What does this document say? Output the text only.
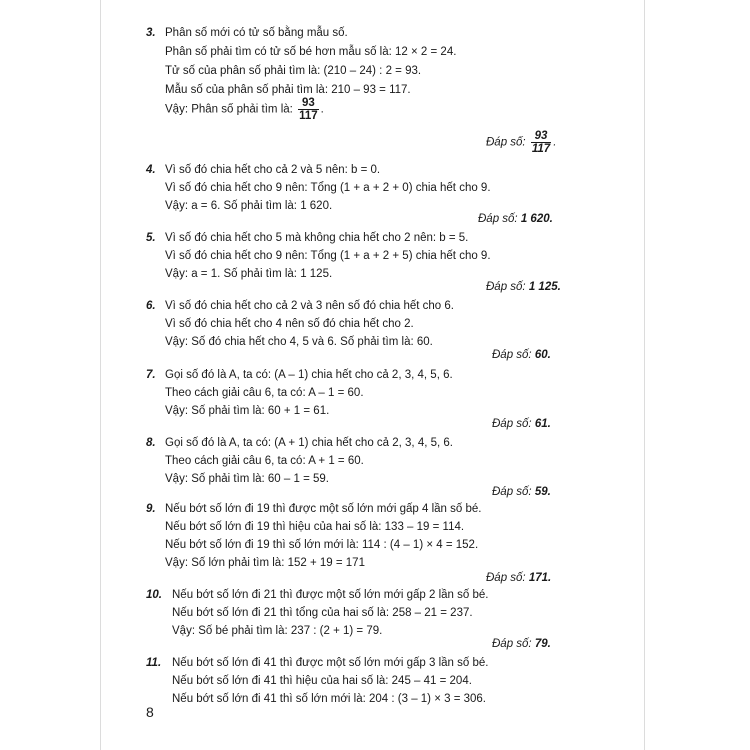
3. Phân số mới có tử số bằng mẫu số.
Phân số phải tìm có tử số bé hơn mẫu số là: 12 × 2 = 24.
Tử số của phân số phải tìm là: (210 – 24) : 2 = 93.
Mẫu số của phân số phải tìm là: 210 – 93 = 117.
Vậy: Phân số phải tìm là: $\frac{93}{117}$ .
Đáp số: $\frac{93}{117}$ .
4. Vì số đó chia hết cho cả 2 và 5 nên: b = 0.
Vì số đó chia hết cho 9 nên: Tổng (1 + a + 2 + 0) chia hết cho 9.
Vậy: a = 6. Số phải tìm là: 1 620.
Đáp số: 1 620.
5. Vì số đó chia hết cho 5 mà không chia hết cho 2 nên: b = 5.
Vì số đó chia hết cho 9 nên: Tổng (1 + a + 2 + 5) chia hết cho 9.
Vậy: a = 1. Số phải tìm là: 1 125.
Đáp số: 1 125.
6. Vì số đó chia hết cho cả 2 và 3 nên số đó chia hết cho 6.
Vì số đó chia hết cho 4 nên số đó chia hết cho 2.
Vậy: Số đó chia hết cho 4, 5 và 6. Số phải tìm là: 60.
Đáp số: 60.
7. Gọi số đó là A, ta có: (A – 1) chia hết cho cả 2, 3, 4, 5, 6.
Theo cách giải câu 6, ta có: A – 1 = 60.
Vậy: Số phải tìm là: 60 + 1 = 61.
Đáp số: 61.
8. Gọi số đó là A, ta có: (A + 1) chia hết cho cả 2, 3, 4, 5, 6.
Theo cách giải câu 6, ta có: A + 1 = 60.
Vậy: Số phải tìm là: 60 – 1 = 59.
Đáp số: 59.
9. Nếu bớt số lớn đi 19 thì được một số lớn mới gấp 4 lần số bé.
Nếu bớt số lớn đi 19 thì hiệu của hai số là: 133 – 19 = 114.
Nếu bớt số lớn đi 19 thì số lớn mới là: 114 : (4 – 1) × 4 = 152.
Vậy: Số lớn phải tìm là: 152 + 19 = 171
Đáp số: 171.
10. Nếu bớt số lớn đi 21 thì được một số lớn mới gấp 2 lần số bé.
Nếu bớt số lớn đi 21 thì tổng của hai số là: 258 – 21 = 237.
Vậy: Số bé phải tìm là: 237 : (2 + 1) = 79.
Đáp số: 79.
11. Nếu bớt số lớn đi 41 thì được một số lớn mới gấp 3 lần số bé.
Nếu bớt số lớn đi 41 thì hiệu của hai số là: 245 – 41 = 204.
Nếu bớt số lớn đi 41 thì số lớn mới là: 204 : (3 – 1) × 3 = 306.
8
